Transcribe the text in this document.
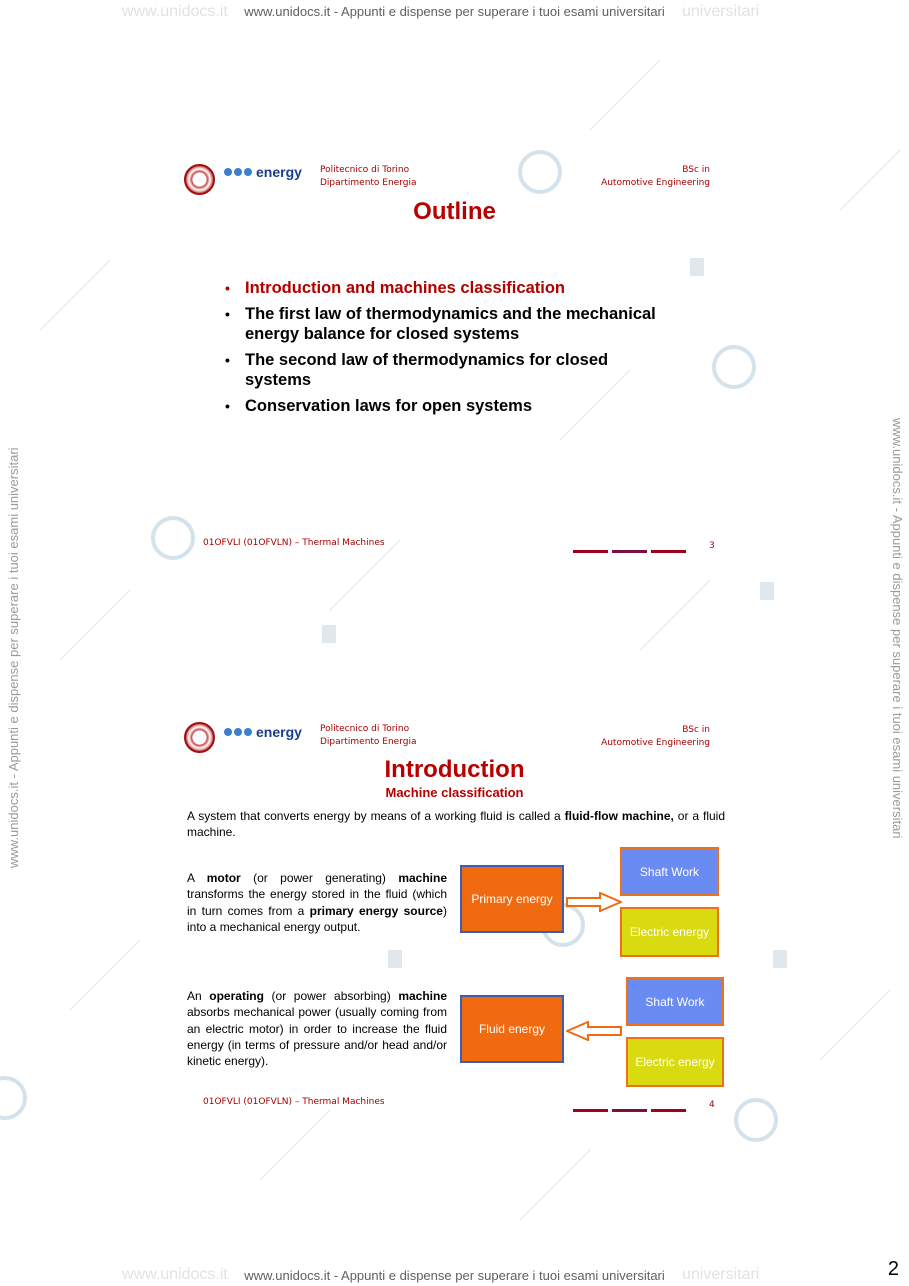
www.unidocs.it	universitari
www.unidocs.it - Appunti e dispense per superare i tuoi esami universitari
www.unidocs.it	universitari
www.unidocs.it - Appunti e dispense per superare i tuoi esami universitari
www.unidocs.it - Appunti e dispense per superare i tuoi esami universitari	www.unidocs.it - Appunti e dispense per superare i tuoi esami universitari
energy Politecnico di Torino
Dipartimento Energia
BSc in
Automotive Engineering
Outline
• Introduction and machines classification
• The first law of thermodynamics and the mechanical energy balance for closed systems
• The second law of thermodynamics for closed systems
• Conservation laws for open systems
01OFVLI (01OFVLN) – Thermal Machines	3
energy Politecnico di Torino
Dipartimento Energia
BSc in
Automotive Engineering
Introduction
Machine classification
A system that converts energy by means of a working fluid is called a fluid-flow machine, or a fluid machine.
A motor (or power generating) machine transforms the energy stored in the fluid (which in turn comes from a primary energy source) into a mechanical energy output.
An operating (or power absorbing) machine absorbs mechanical power (usually coming from an electric motor) in order to increase the fluid energy (in terms of pressure and/or head and/or kinetic energy).
Primary energy
Shaft Work
Electric energy
Fluid energy
Shaft Work
Electric energy
01OFVLI (01OFVLN) – Thermal Machines	4
2
